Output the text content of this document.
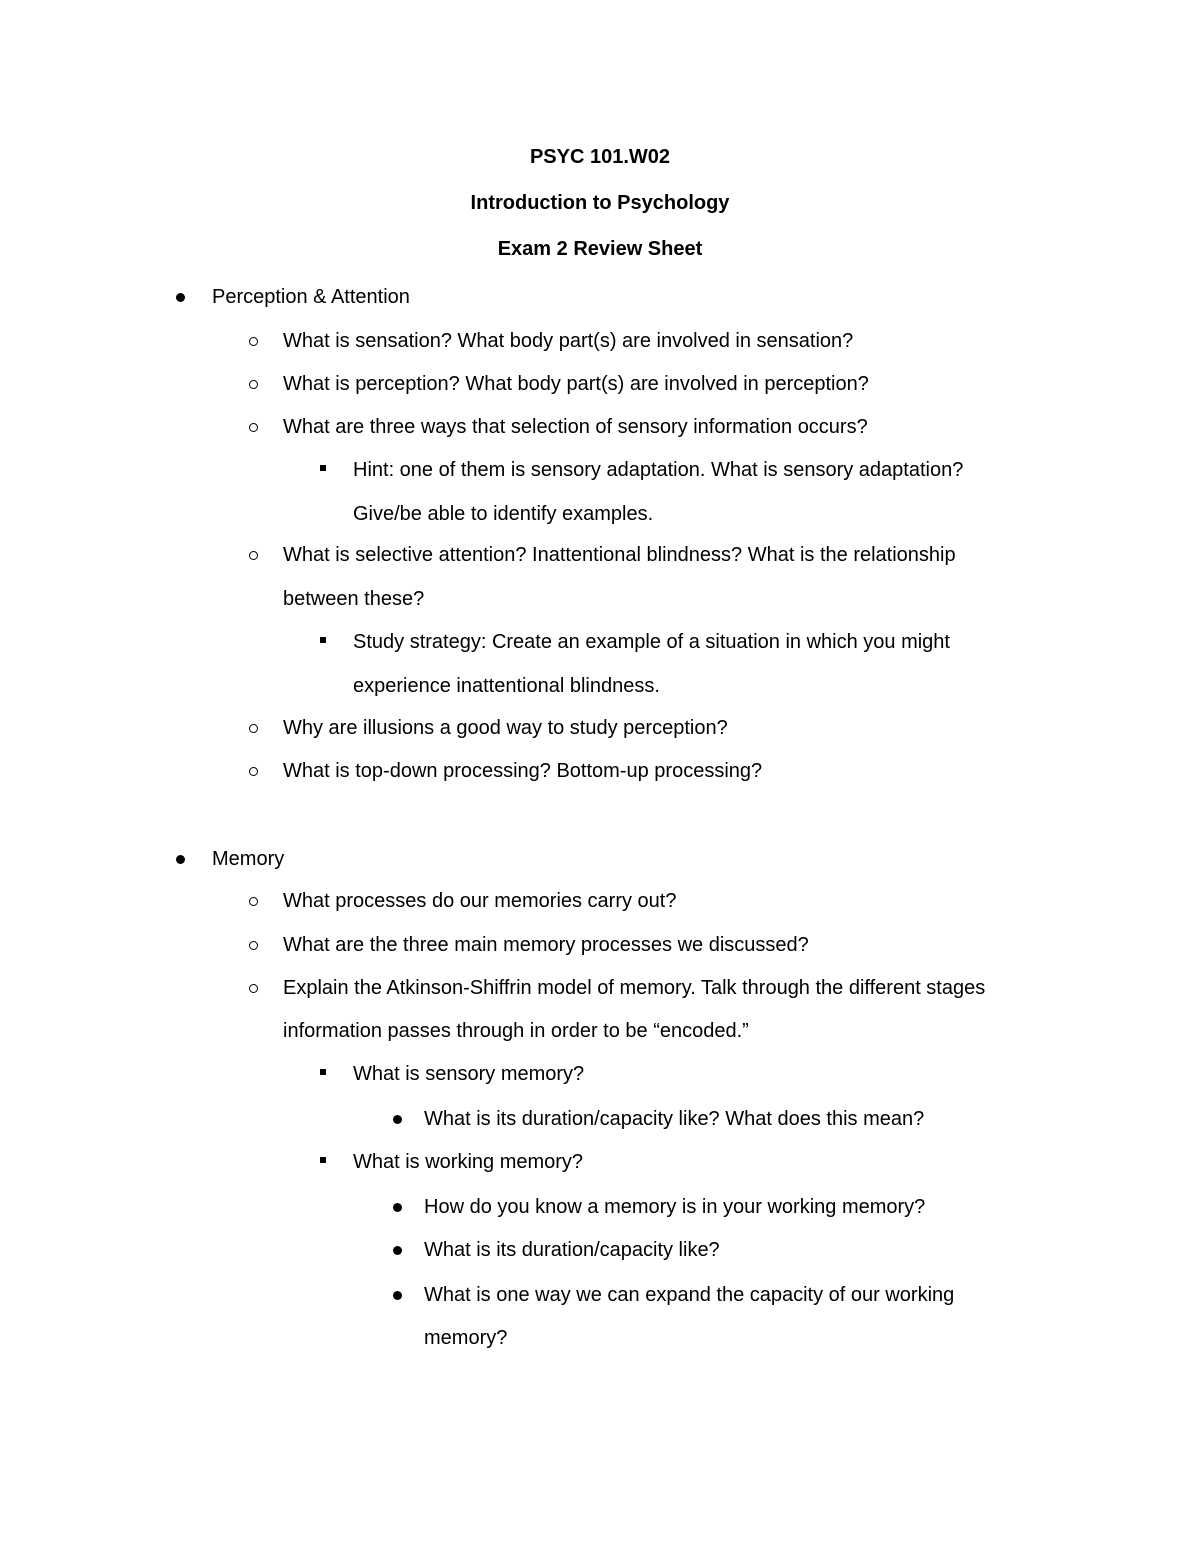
PSYC 101.W02
Introduction to Psychology
Exam 2 Review Sheet
Perception & Attention
What is sensation? What body part(s) are involved in sensation?
What is perception? What body part(s) are involved in perception?
What are three ways that selection of sensory information occurs?
Hint: one of them is sensory adaptation. What is sensory adaptation?
Give/be able to identify examples.
What is selective attention? Inattentional blindness? What is the relationship
between these?
Study strategy: Create an example of a situation in which you might
experience inattentional blindness.
Why are illusions a good way to study perception?
What is top-down processing? Bottom-up processing?
Memory
What processes do our memories carry out?
What are the three main memory processes we discussed?
Explain the Atkinson-Shiffrin model of memory. Talk through the different stages
information passes through in order to be “encoded.”
What is sensory memory?
What is its duration/capacity like? What does this mean?
What is working memory?
How do you know a memory is in your working memory?
What is its duration/capacity like?
What is one way we can expand the capacity of our working
memory?
